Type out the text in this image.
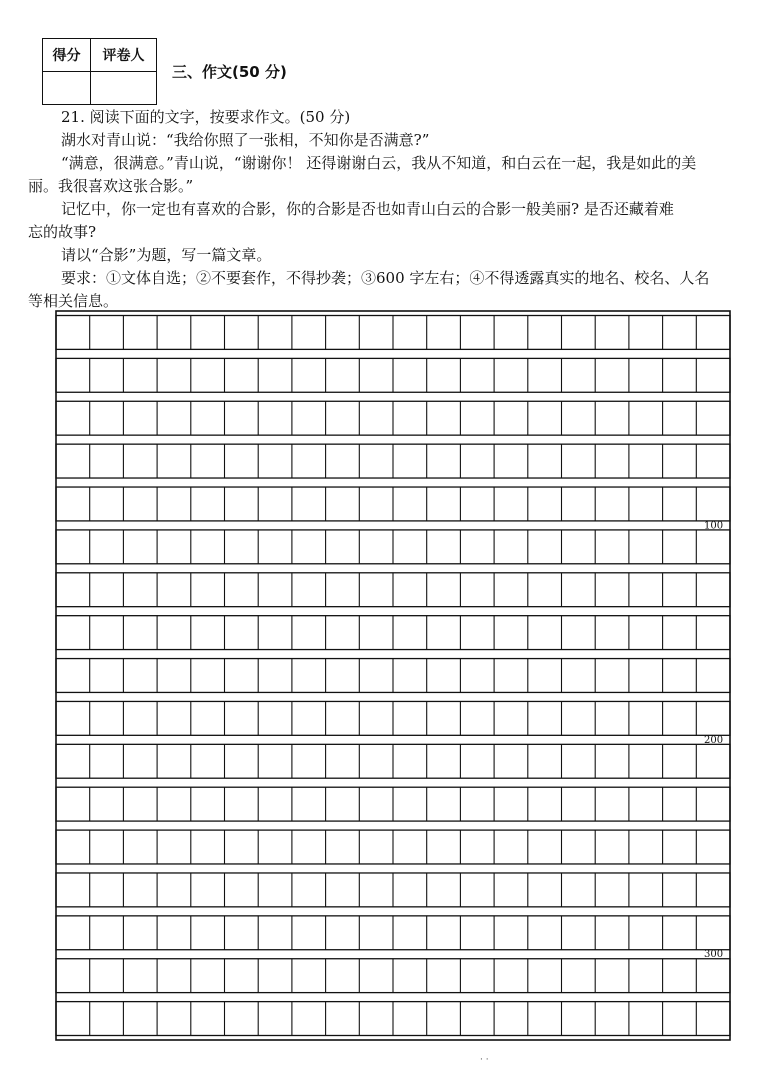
得分	评卷人

三、作文(50 分)
21. 阅读下面的文字，按要求作文。(50 分)
湖水对青山说：“我给你照了一张相，不知你是否满意?”
“满意，很满意。”青山说，“谢谢你！ 还得谢谢白云，我从不知道，和白云在一起，我是如此的美
丽。我很喜欢这张合影。”
记忆中，你一定也有喜欢的合影，你的合影是否也如青山白云的合影一般美丽? 是否还藏着难
忘的故事?
请以“合影”为题，写一篇文章。
要求：①文体自选；②不要套作，不得抄袭；③600 字左右；④不得透露真实的地名、校名、人名
等相关信息。
100
200
300
· ·
